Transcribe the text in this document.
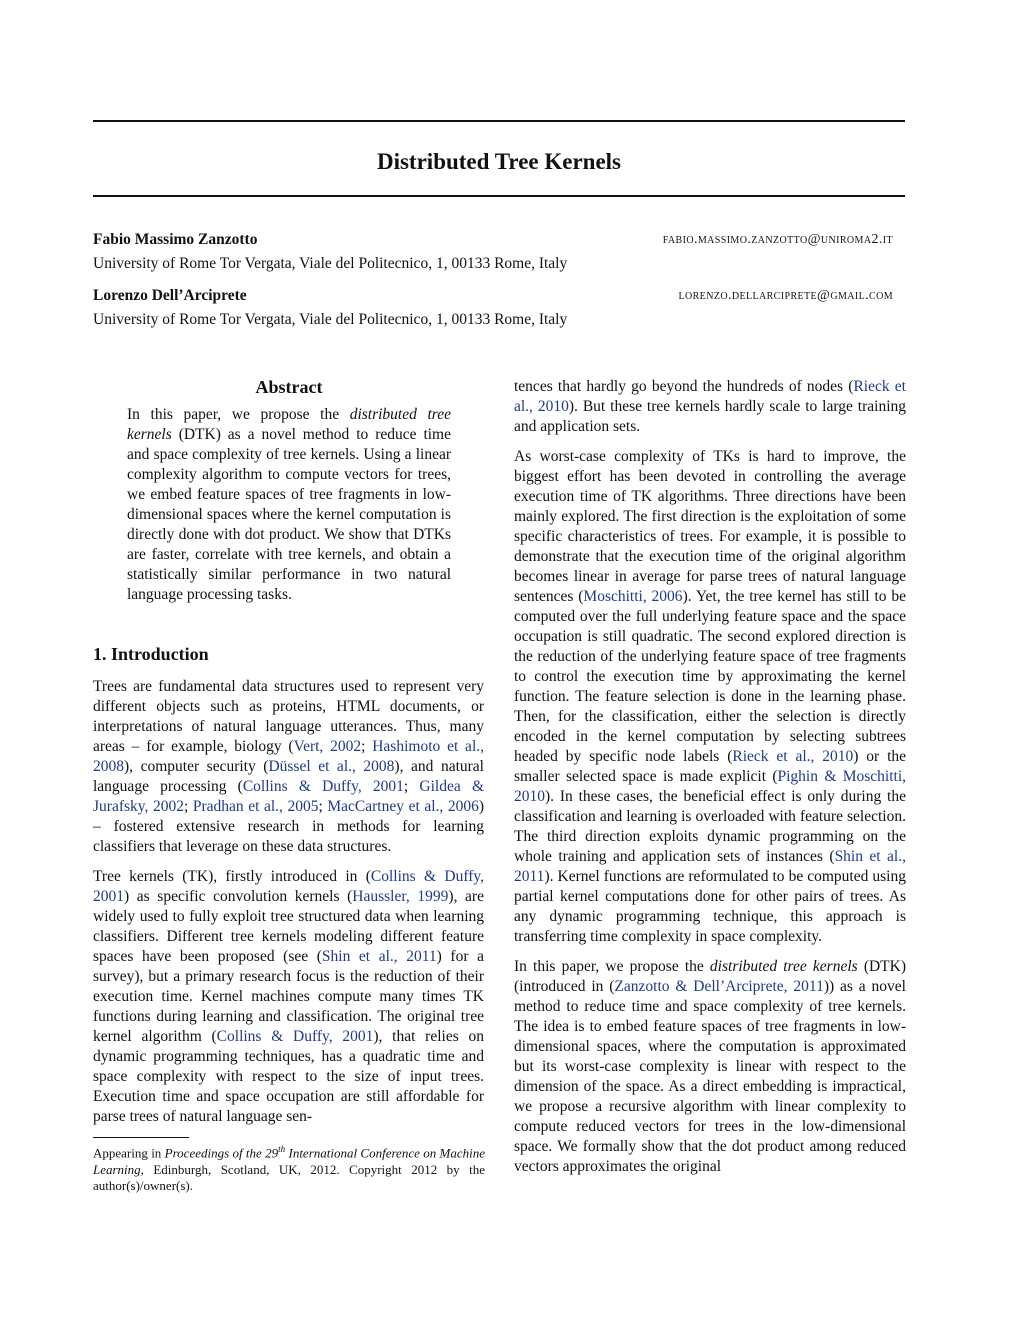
Distributed Tree Kernels
Fabio Massimo Zanzotto	fabio.massimo.zanzotto@uniroma2.it
University of Rome Tor Vergata, Viale del Politecnico, 1, 00133 Rome, Italy
Lorenzo Dell’Arciprete	lorenzo.dellarciprete@gmail.com
University of Rome Tor Vergata, Viale del Politecnico, 1, 00133 Rome, Italy
Abstract

In this paper, we propose the distributed tree kernels (DTK) as a novel method to reduce time and space complexity of tree kernels. Using a linear complexity algorithm to compute vectors for trees, we embed feature spaces of tree fragments in low-dimensional spaces where the kernel computation is directly done with dot product. We show that DTKs are faster, correlate with tree kernels, and obtain a statistically similar performance in two natural language processing tasks.

1. Introduction

Trees are fundamental data structures used to represent very different objects such as proteins, HTML documents, or interpretations of natural language utterances. Thus, many areas – for example, biology (Vert, 2002; Hashimoto et al., 2008), computer security (Düssel et al., 2008), and natural language processing (Collins & Duffy, 2001; Gildea & Jurafsky, 2002; Pradhan et al., 2005; MacCartney et al., 2006) – fostered extensive research in methods for learning classifiers that leverage on these data structures.

Tree kernels (TK), firstly introduced in (Collins & Duffy, 2001) as specific convolution kernels (Haussler, 1999), are widely used to fully exploit tree structured data when learning classifiers. Different tree kernels modeling different feature spaces have been proposed (see (Shin et al., 2011) for a survey), but a primary research focus is the reduction of their execution time. Kernel machines compute many times TK functions during learning and classification. The original tree kernel algorithm (Collins & Duffy, 2001), that relies on dynamic programming techniques, has a quadratic time and space complexity with respect to the size of input trees. Execution time and space occupation are still affordable for parse trees of natural language sen-

tences that hardly go beyond the hundreds of nodes (Rieck et al., 2010). But these tree kernels hardly scale to large training and application sets.

As worst-case complexity of TKs is hard to improve, the biggest effort has been devoted in controlling the average execution time of TK algorithms. Three directions have been mainly explored. The first direction is the exploitation of some specific characteristics of trees. For example, it is possible to demonstrate that the execution time of the original algorithm becomes linear in average for parse trees of natural language sentences (Moschitti, 2006). Yet, the tree kernel has still to be computed over the full underlying feature space and the space occupation is still quadratic. The second explored direction is the reduction of the underlying feature space of tree fragments to control the execution time by approximating the kernel function. The feature selection is done in the learning phase. Then, for the classification, either the selection is directly encoded in the kernel computation by selecting subtrees headed by specific node labels (Rieck et al., 2010) or the smaller selected space is made explicit (Pighin & Moschitti, 2010). In these cases, the beneficial effect is only during the classification and learning is overloaded with feature selection. The third direction exploits dynamic programming on the whole training and application sets of instances (Shin et al., 2011). Kernel functions are reformulated to be computed using partial kernel computations done for other pairs of trees. As any dynamic programming technique, this approach is transferring time complexity in space complexity.

In this paper, we propose the distributed tree kernels (DTK) (introduced in (Zanzotto & Dell’Arciprete, 2011)) as a novel method to reduce time and space complexity of tree kernels. The idea is to embed feature spaces of tree fragments in low-dimensional spaces, where the computation is approximated but its worst-case complexity is linear with respect to the dimension of the space. As a direct embedding is impractical, we propose a recursive algorithm with linear complexity to compute reduced vectors for trees in the low-dimensional space. We formally show that the dot product among reduced vectors approximates the original

Appearing in Proceedings of the 29th International Conference on Machine Learning, Edinburgh, Scotland, UK, 2012. Copyright 2012 by the author(s)/owner(s).
